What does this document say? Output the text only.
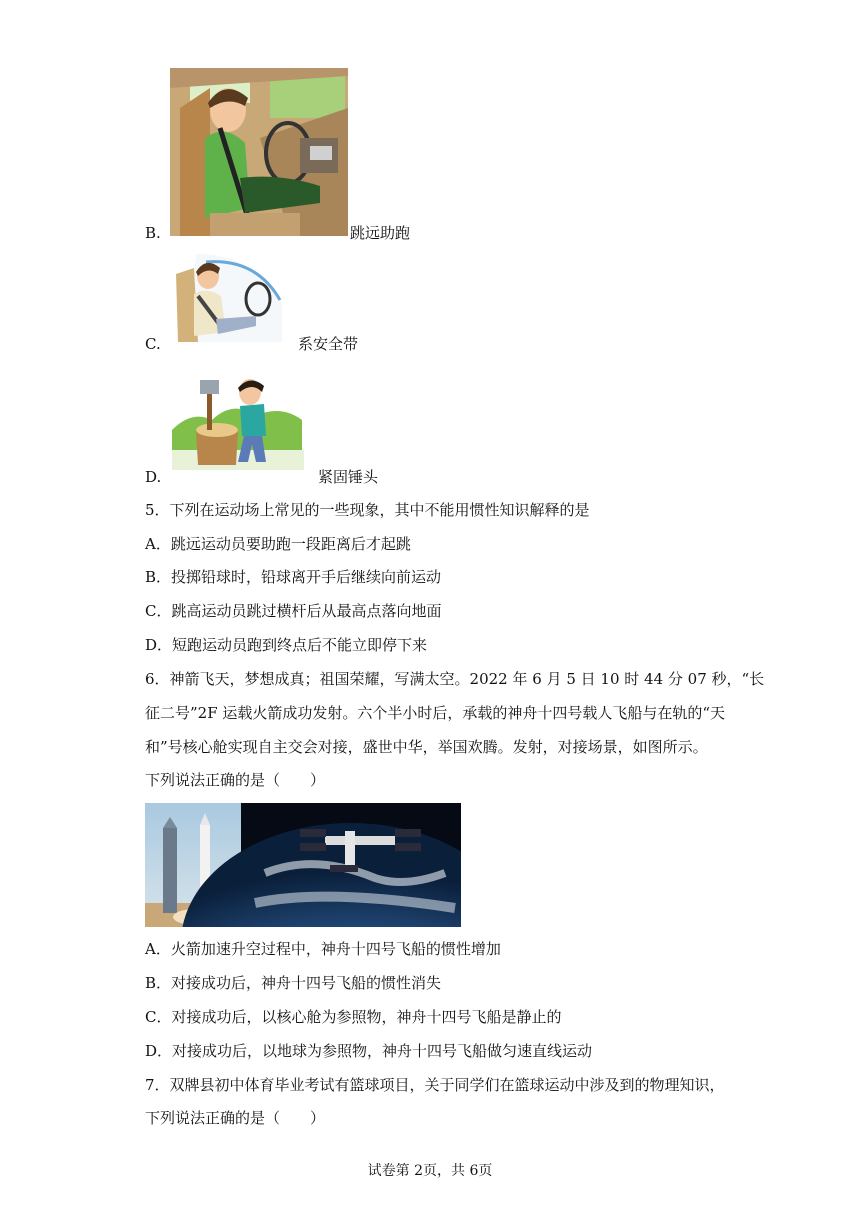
B.	跳远助跑
C.	系安全带
D.	紧固锤头
5．下列在运动场上常见的一些现象，其中不能用惯性知识解释的是
A．跳远运动员要助跑一段距离后才起跳
B．投掷铅球时，铅球离开手后继续向前运动
C．跳高运动员跳过横杆后从最高点落向地面
D．短跑运动员跑到终点后不能立即停下来
6．神箭飞天，梦想成真；祖国荣耀，写满太空。2022 年 6 月 5 日 10 时 44 分 07 秒，“长
征二号”2F 运载火箭成功发射。六个半小时后，承载的神舟十四号载人飞船与在轨的“天
和”号核心舱实现自主交会对接，盛世中华，举国欢腾。发射，对接场景，如图所示。
下列说法正确的是（　　）
A．火箭加速升空过程中，神舟十四号飞船的惯性增加
B．对接成功后，神舟十四号飞船的惯性消失
C．对接成功后，以核心舱为参照物，神舟十四号飞船是静止的
D．对接成功后，以地球为参照物，神舟十四号飞船做匀速直线运动
7．双牌县初中体育毕业考试有篮球项目，关于同学们在篮球运动中涉及到的物理知识，
下列说法正确的是（　　）
试卷第 2页，共 6页
